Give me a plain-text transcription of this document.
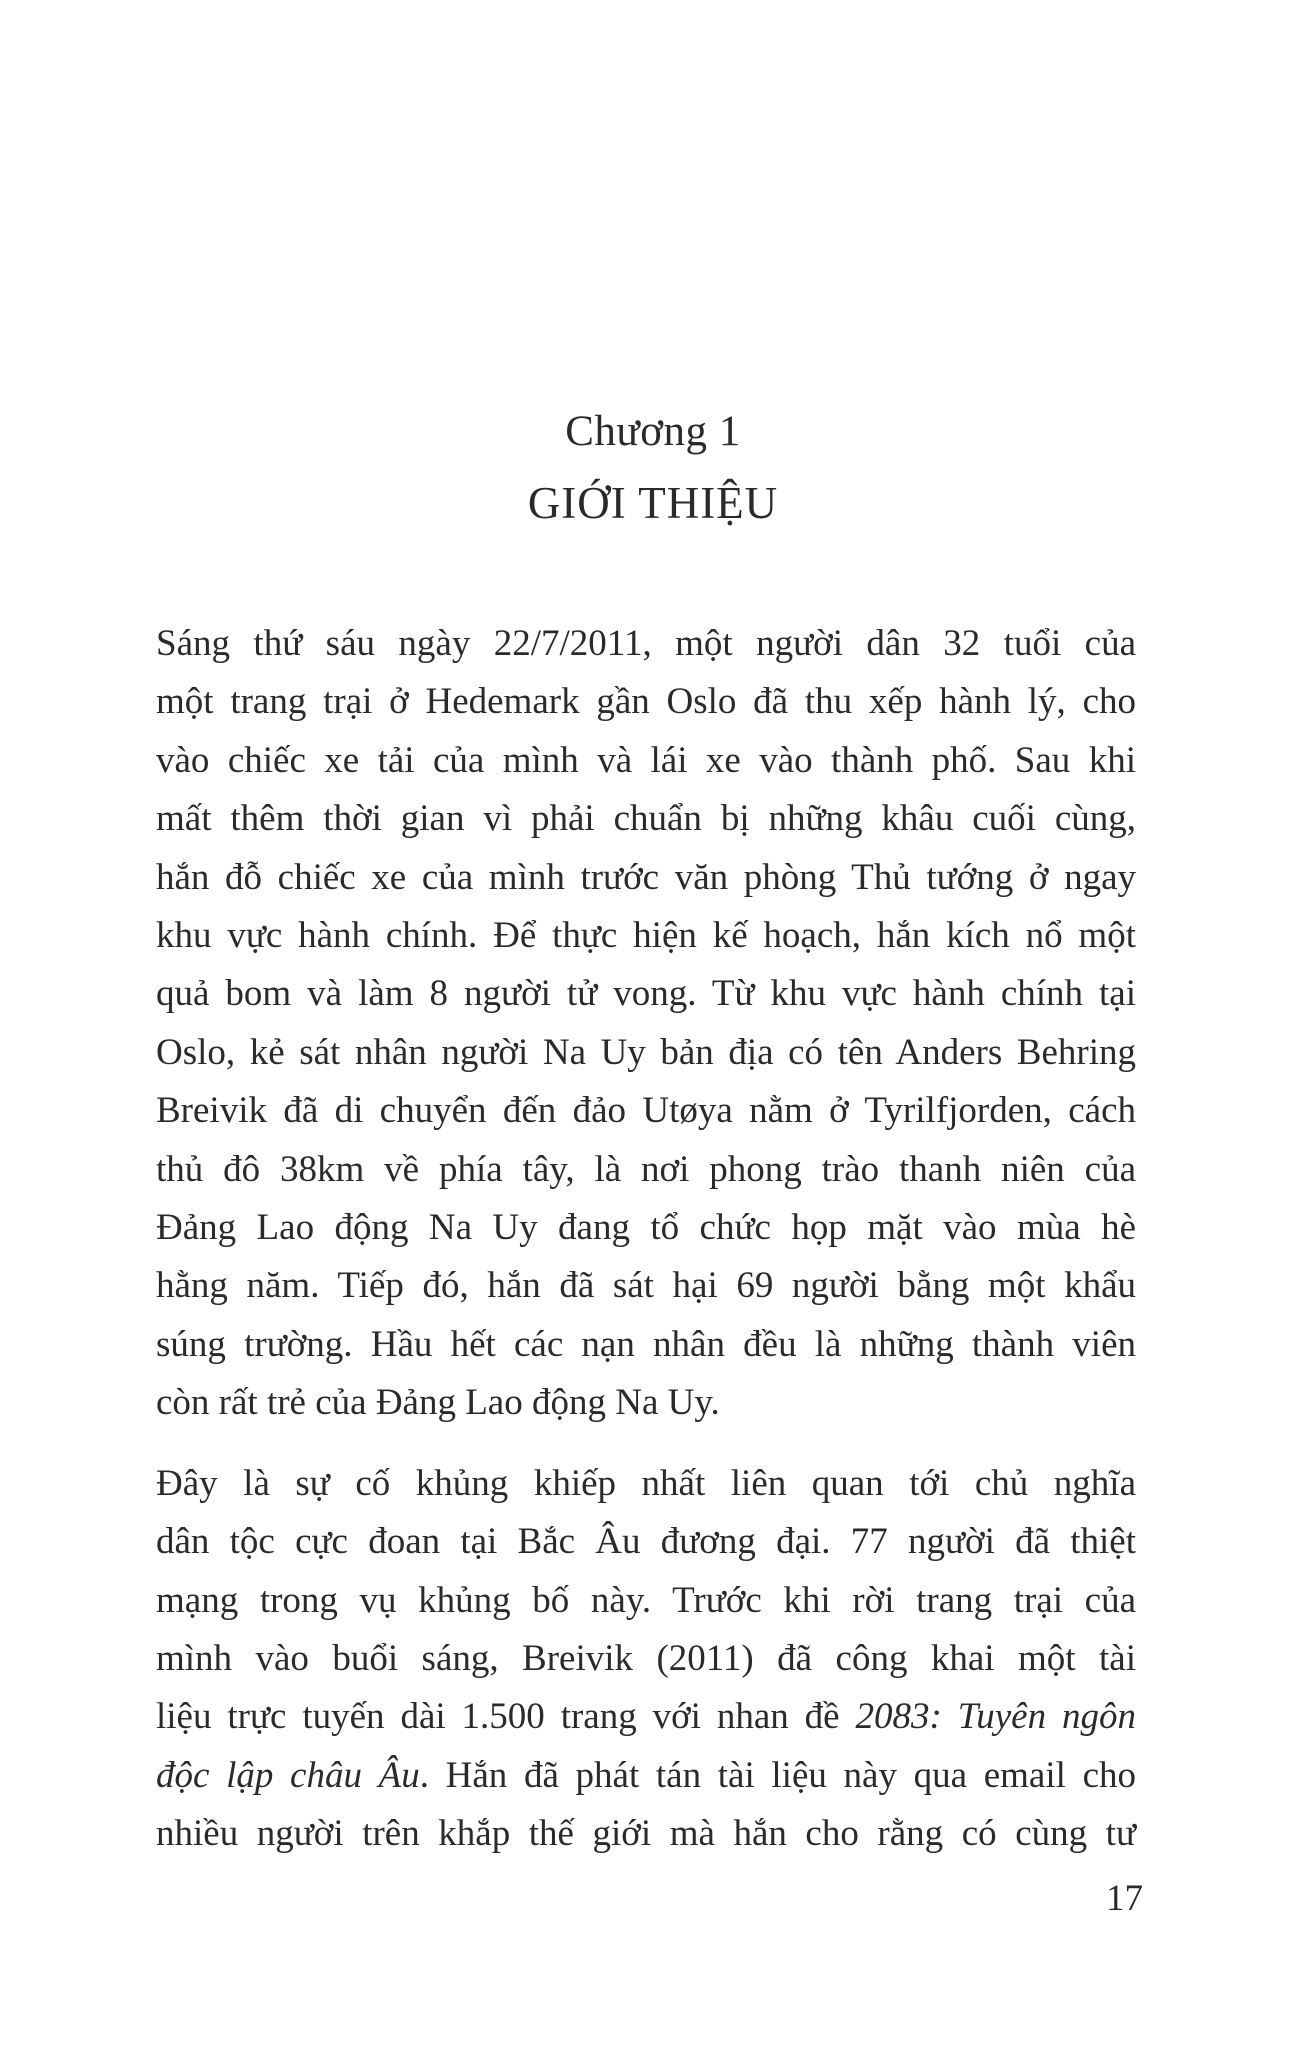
Chương 1
GIỚI THIỆU

Sáng thứ sáu ngày 22/7/2011, một người dân 32 tuổi của
một trang trại ở Hedemark gần Oslo đã thu xếp hành lý, cho
vào chiếc xe tải của mình và lái xe vào thành phố. Sau khi
mất thêm thời gian vì phải chuẩn bị những khâu cuối cùng,
hắn đỗ chiếc xe của mình trước văn phòng Thủ tướng ở ngay
khu vực hành chính. Để thực hiện kế hoạch, hắn kích nổ một
quả bom và làm 8 người tử vong. Từ khu vực hành chính tại
Oslo, kẻ sát nhân người Na Uy bản địa có tên Anders Behring
Breivik đã di chuyển đến đảo Utøya nằm ở Tyrilfjorden, cách
thủ đô 38km về phía tây, là nơi phong trào thanh niên của
Đảng Lao động Na Uy đang tổ chức họp mặt vào mùa hè
hằng năm. Tiếp đó, hắn đã sát hại 69 người bằng một khẩu
súng trường. Hầu hết các nạn nhân đều là những thành viên
còn rất trẻ của Đảng Lao động Na Uy.

Đây là sự cố khủng khiếp nhất liên quan tới chủ nghĩa
dân tộc cực đoan tại Bắc Âu đương đại. 77 người đã thiệt
mạng trong vụ khủng bố này. Trước khi rời trang trại của
mình vào buổi sáng, Breivik (2011) đã công khai một tài
liệu trực tuyến dài 1.500 trang với nhan đề 2083: Tuyên ngôn
độc lập châu Âu. Hắn đã phát tán tài liệu này qua email cho
nhiều người trên khắp thế giới mà hắn cho rằng có cùng tư

17
